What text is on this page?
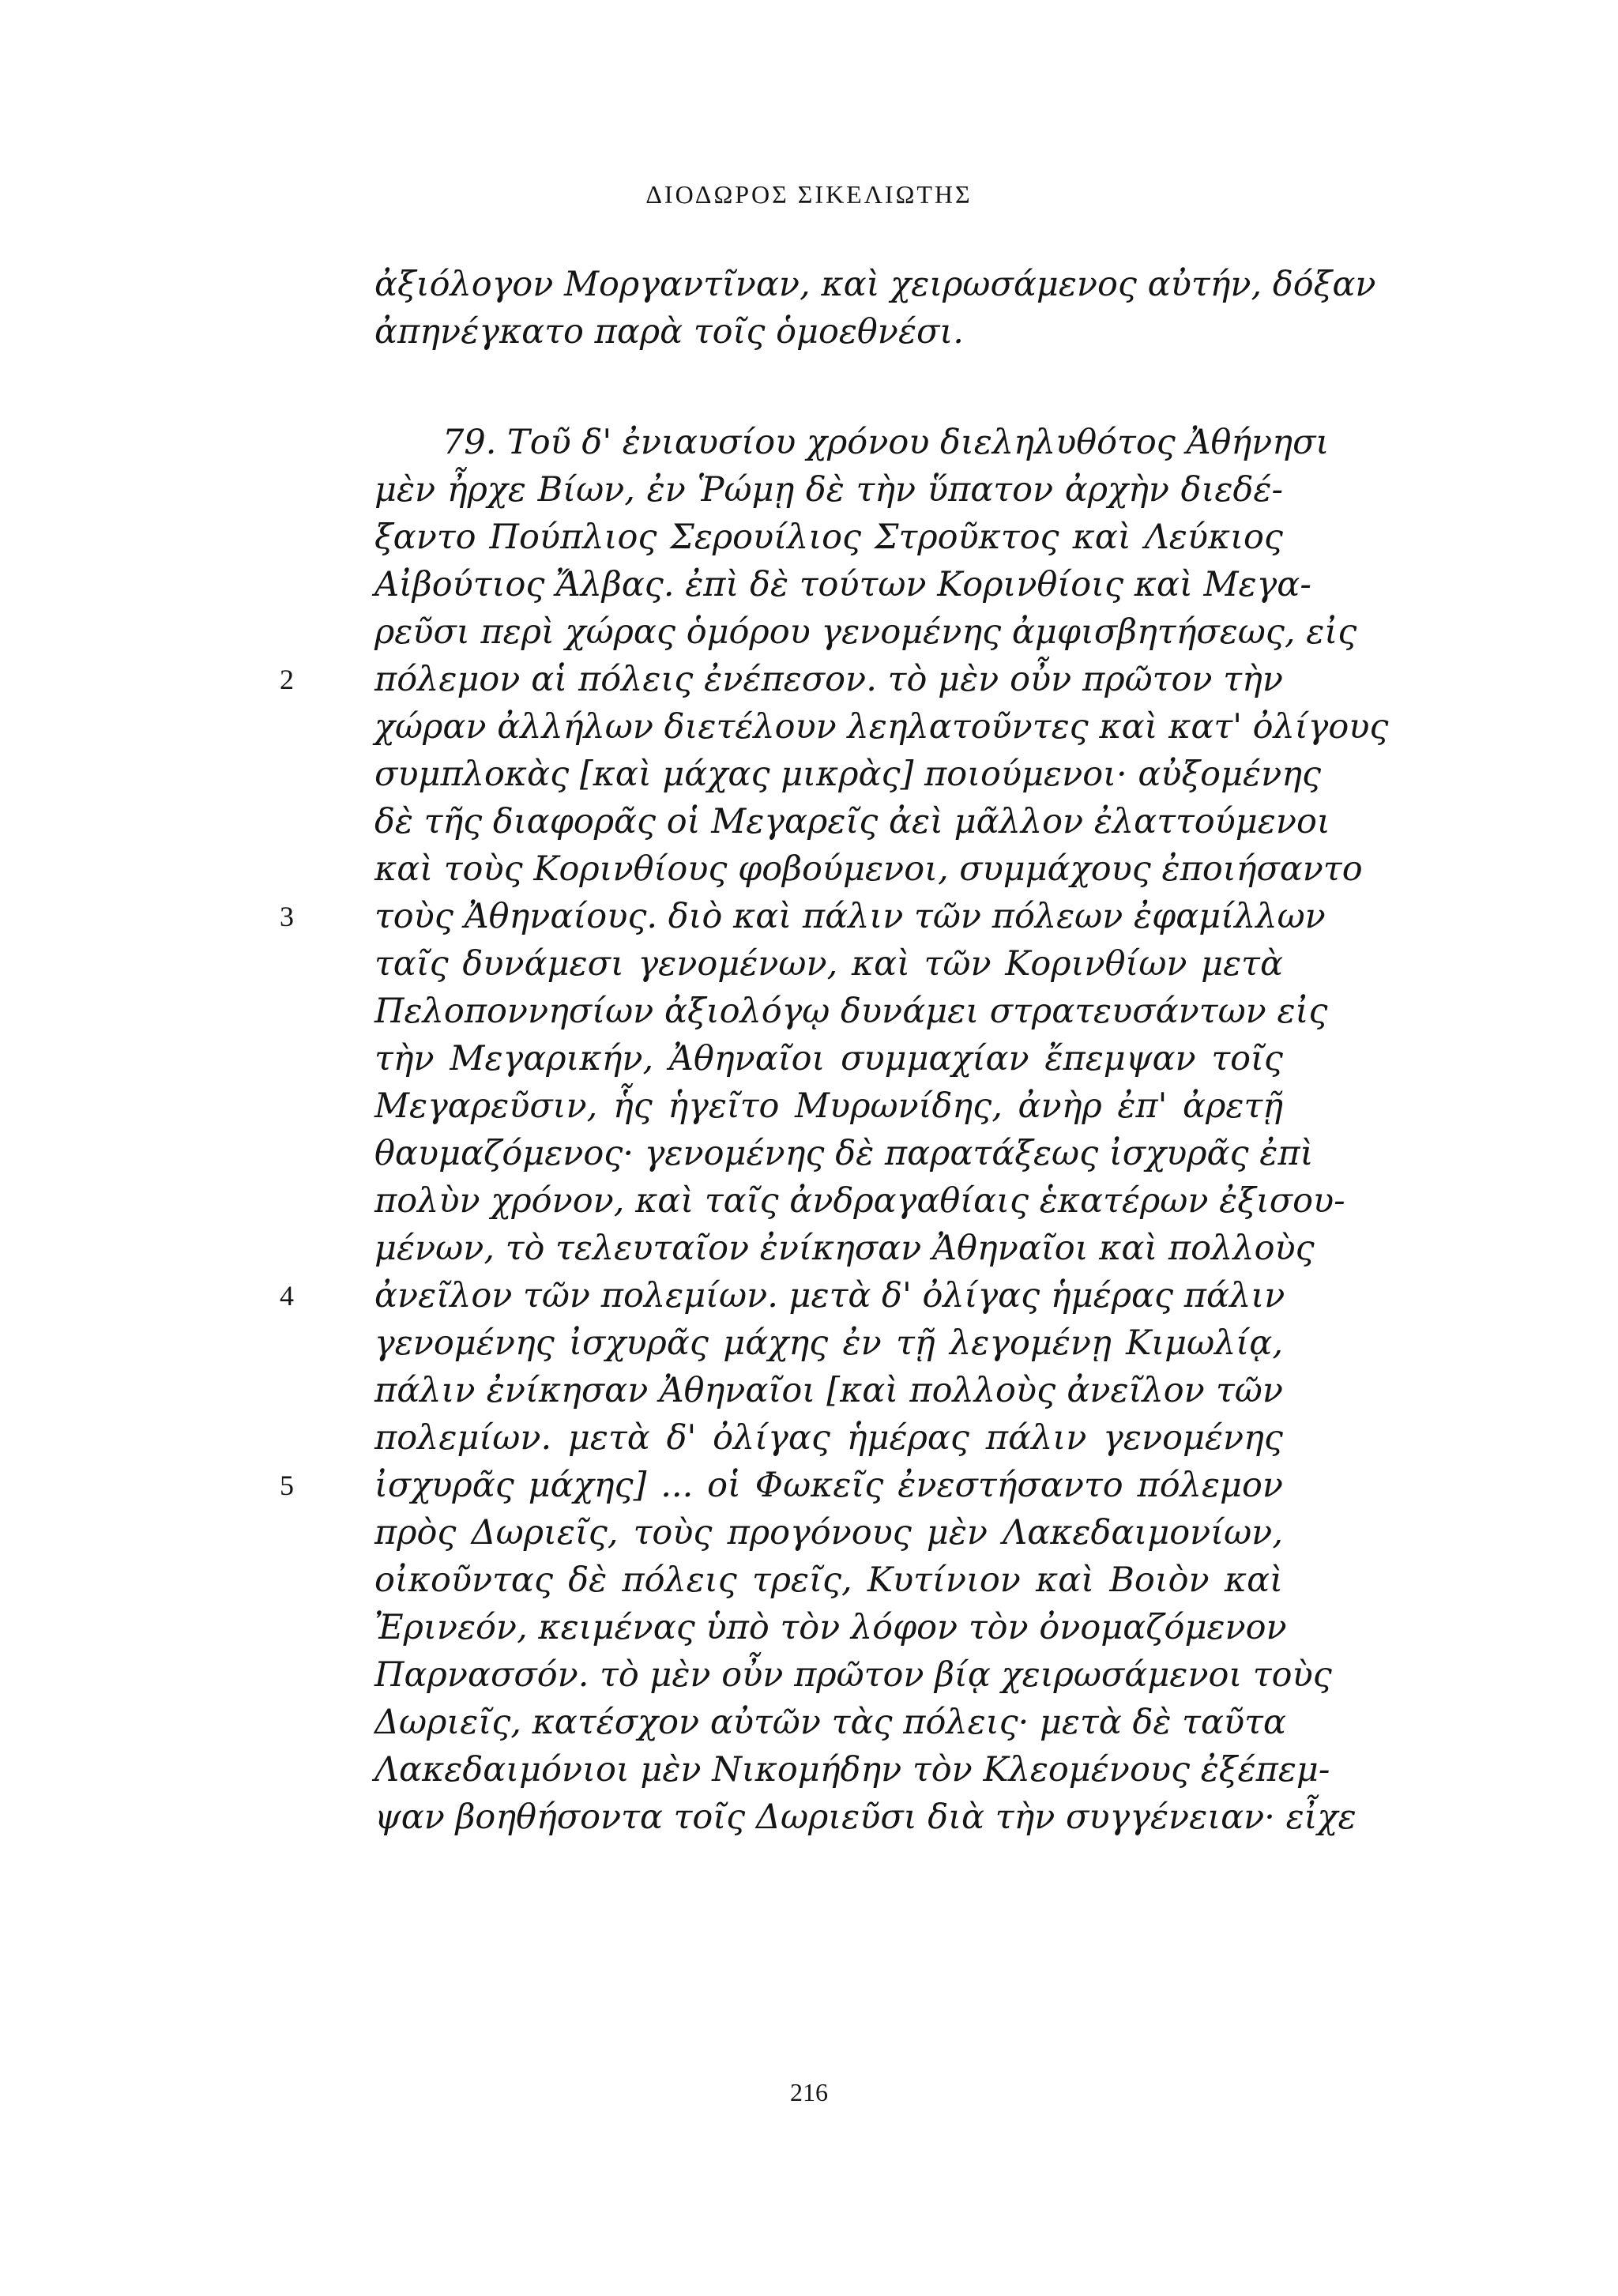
ΔΙΟΔΩΡΟΣ ΣΙΚΕΛΙΩΤΗΣ
ἀξιόλογον Μοργαντῖναν, καὶ χειρωσάμενος αὐτήν, δόξαν
ἀπηνέγκατο παρὰ τοῖς ὁμοεθνέσι.
79. Τοῦ δ' ἐνιαυσίου χρόνου διεληλυθότος Ἀθήνησι
μὲν ἦρχε Βίων, ἐν Ῥώμῃ δὲ τὴν ὕπατον ἀρχὴν διεδέ-
ξαντο Πούπλιος Σερουίλιος Στροῦκτος καὶ Λεύκιος
Αἰβούτιος Ἄλβας. ἐπὶ δὲ τούτων Κορινθίοις καὶ Μεγα-
ρεῦσι περὶ χώρας ὁμόρου γενομένης ἀμφισβητήσεως, εἰς
2	πόλεμον αἱ πόλεις ἐνέπεσον. τὸ μὲν οὖν πρῶτον τὴν
χώραν ἀλλήλων διετέλουν λεηλατοῦντες καὶ κατ' ὀλίγους
συμπλοκὰς [καὶ μάχας μικρὰς] ποιούμενοι· αὐξομένης
δὲ τῆς διαφορᾶς οἱ Μεγαρεῖς ἀεὶ μᾶλλον ἐλαττούμενοι
καὶ τοὺς Κορινθίους φοβούμενοι, συμμάχους ἐποιήσαντο
3	τοὺς Ἀθηναίους. διὸ καὶ πάλιν τῶν πόλεων ἐφαμίλλων
ταῖς δυνάμεσι γενομένων, καὶ τῶν Κορινθίων μετὰ
Πελοποννησίων ἀξιολόγῳ δυνάμει στρατευσάντων εἰς
τὴν Μεγαρικήν, Ἀθηναῖοι συμμαχίαν ἔπεμψαν τοῖς
Μεγαρεῦσιν, ἧς ἡγεῖτο Μυρωνίδης, ἀνὴρ ἐπ' ἀρετῇ
θαυμαζόμενος· γενομένης δὲ παρατάξεως ἰσχυρᾶς ἐπὶ
πολὺν χρόνον, καὶ ταῖς ἀνδραγαθίαις ἑκατέρων ἐξισου-
μένων, τὸ τελευταῖον ἐνίκησαν Ἀθηναῖοι καὶ πολλοὺς
4	ἀνεῖλον τῶν πολεμίων. μετὰ δ' ὀλίγας ἡμέρας πάλιν
γενομένης ἰσχυρᾶς μάχης ἐν τῇ λεγομένῃ Κιμωλίᾳ,
πάλιν ἐνίκησαν Ἀθηναῖοι [καὶ πολλοὺς ἀνεῖλον τῶν
πολεμίων. μετὰ δ' ὀλίγας ἡμέρας πάλιν γενομένης
5	ἰσχυρᾶς μάχης] ... οἱ Φωκεῖς ἐνεστήσαντο πόλεμον
πρὸς Δωριεῖς, τοὺς προγόνους μὲν Λακεδαιμονίων,
οἰκοῦντας δὲ πόλεις τρεῖς, Κυτίνιον καὶ Βοιὸν καὶ
Ἐρινεόν, κειμένας ὑπὸ τὸν λόφον τὸν ὀνομαζόμενον
Παρνασσόν. τὸ μὲν οὖν πρῶτον βίᾳ χειρωσάμενοι τοὺς
Δωριεῖς, κατέσχον αὐτῶν τὰς πόλεις· μετὰ δὲ ταῦτα
Λακεδαιμόνιοι μὲν Νικομήδην τὸν Κλεομένους ἐξέπεμ-
ψαν βοηθήσοντα τοῖς Δωριεῦσι διὰ τὴν συγγένειαν· εἶχε
216
